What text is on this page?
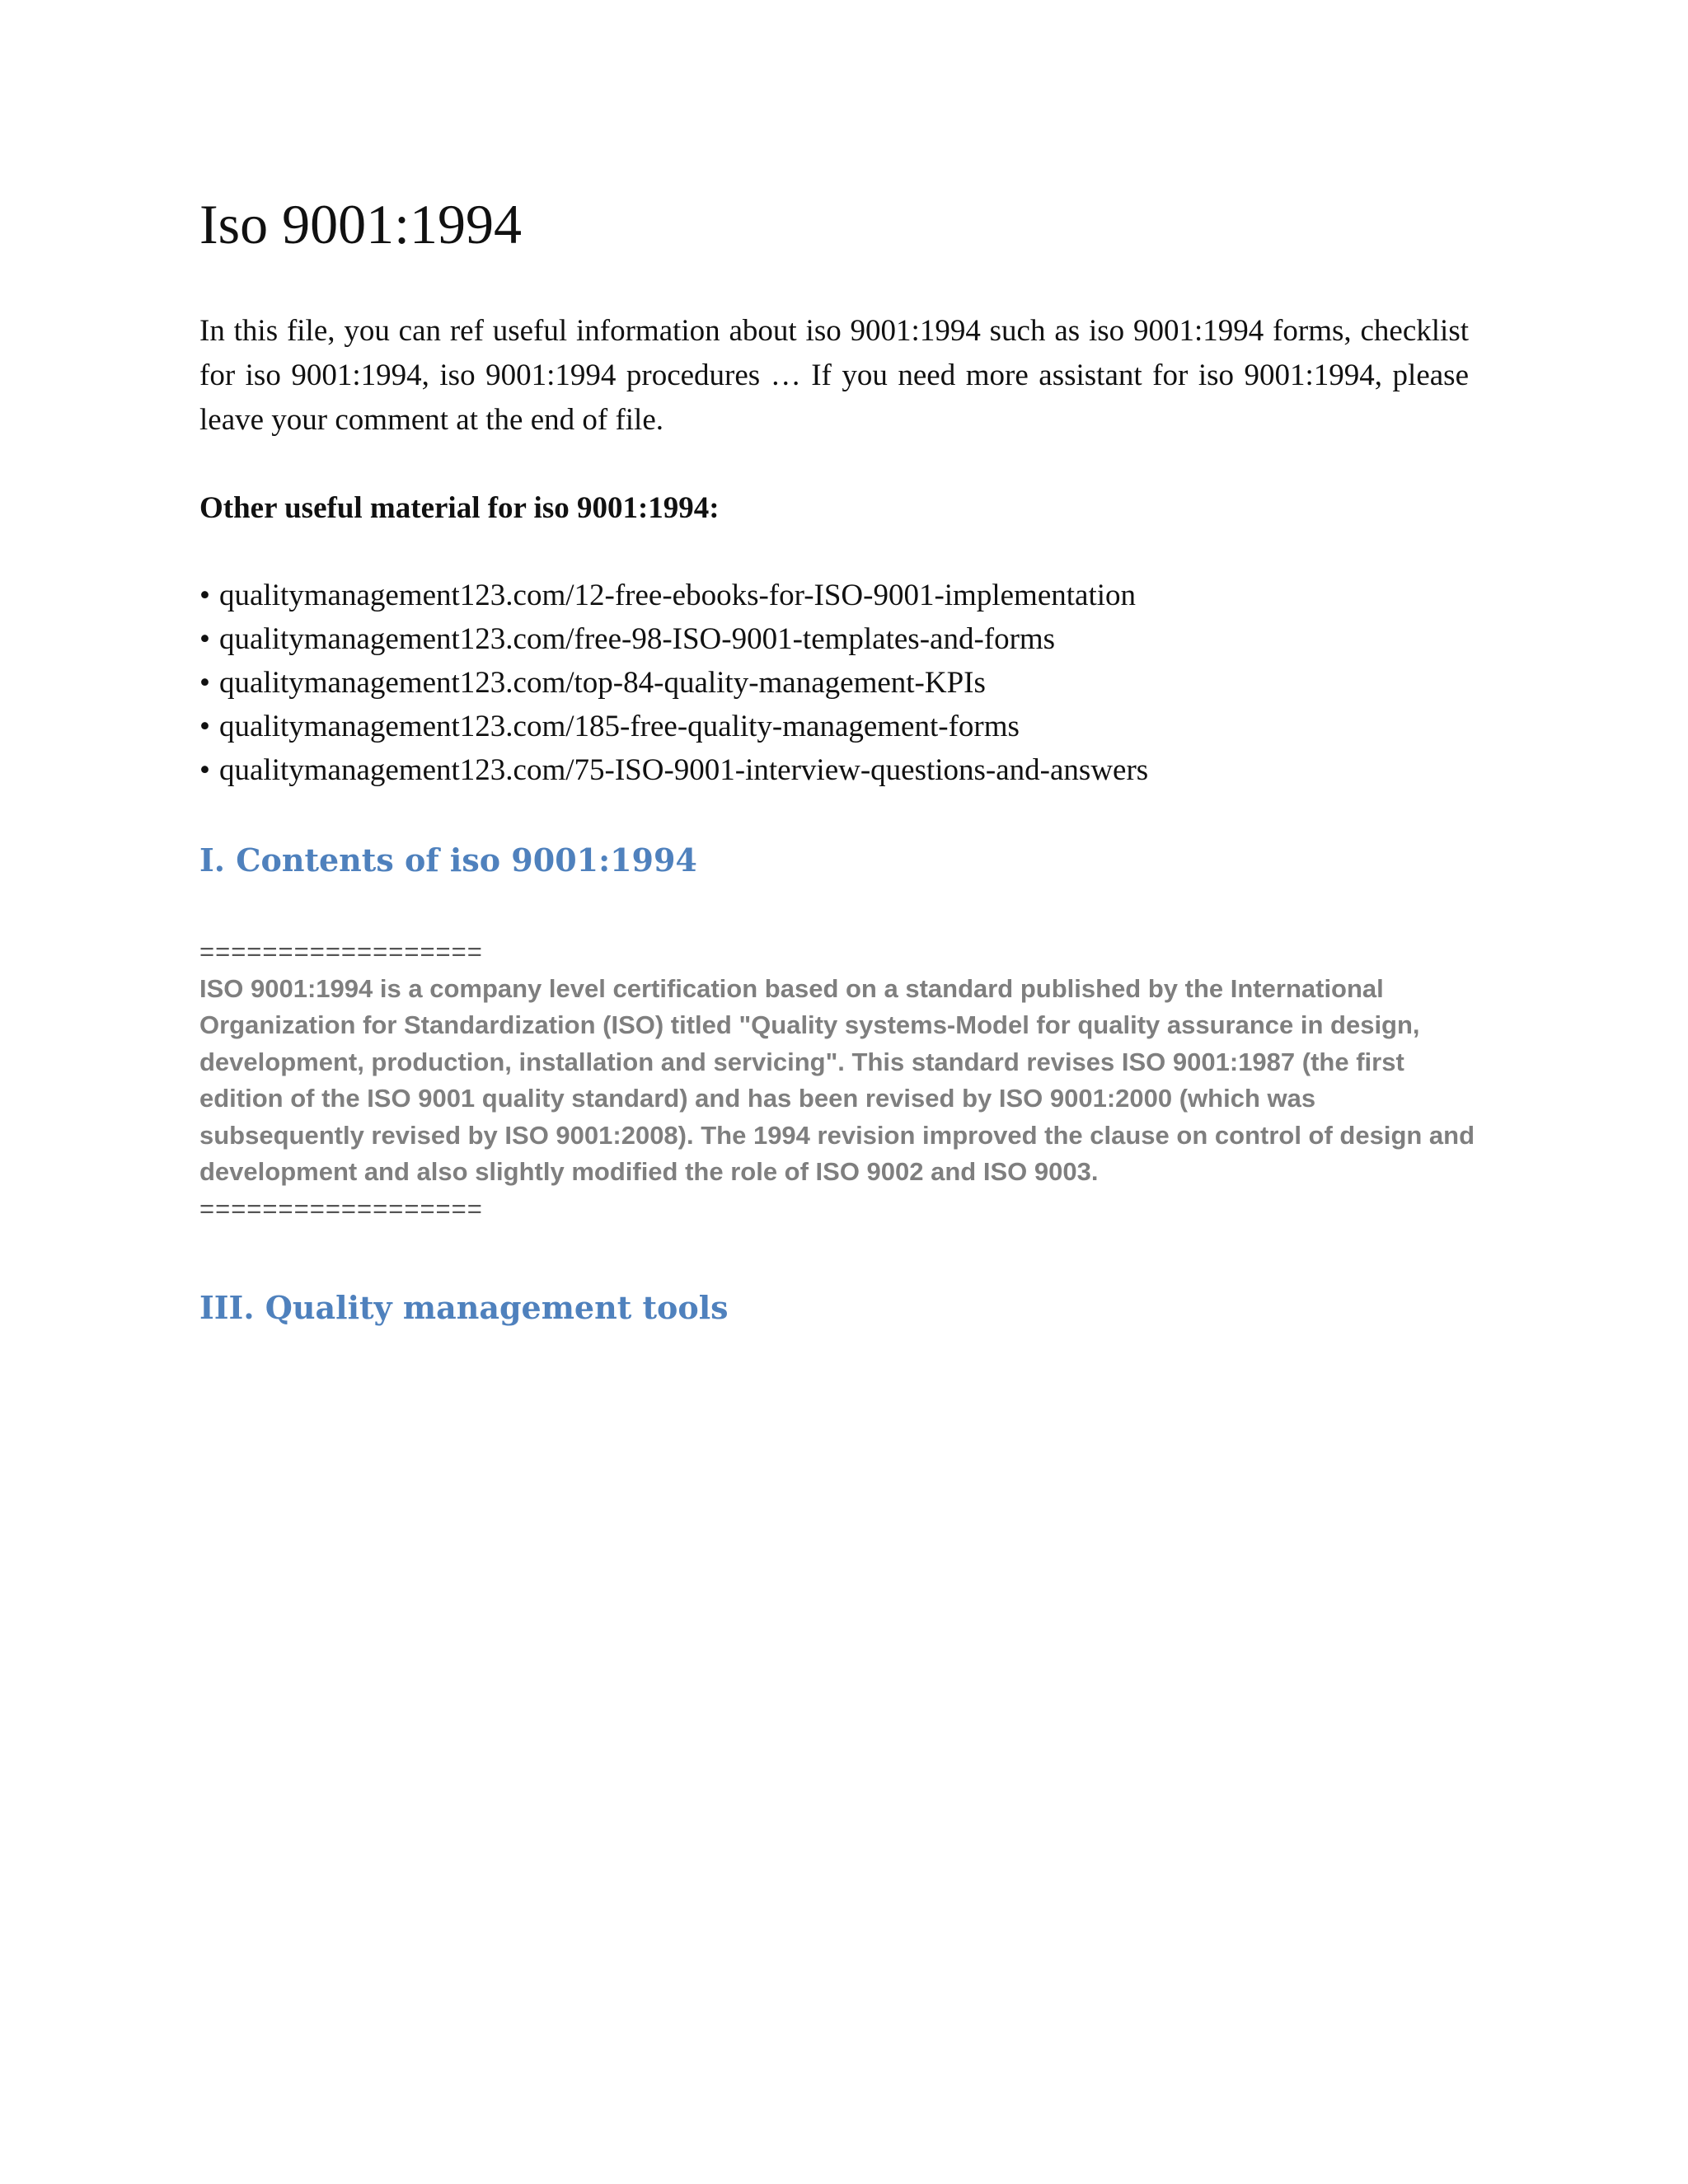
Iso 9001:1994

In this file, you can ref useful information about iso 9001:1994 such as iso 9001:1994 forms, checklist for iso 9001:1994, iso 9001:1994 procedures … If you need more assistant for iso 9001:1994, please leave your comment at the end of file.

Other useful material for iso 9001:1994:

• qualitymanagement123.com/12-free-ebooks-for-ISO-9001-implementation
• qualitymanagement123.com/free-98-ISO-9001-templates-and-forms
• qualitymanagement123.com/top-84-quality-management-KPIs
• qualitymanagement123.com/185-free-quality-management-forms
• qualitymanagement123.com/75-ISO-9001-interview-questions-and-answers
I. Contents of iso 9001:1994
==================

ISO 9001:1994 is a company level certification based on a standard published by the International Organization for Standardization (ISO) titled "Quality systems-Model for quality assurance in design, development, production, installation and servicing". This standard revises ISO 9001:1987 (the first edition of the ISO 9001 quality standard) and has been revised by ISO 9001:2000 (which was subsequently revised by ISO 9001:2008). The 1994 revision improved the clause on control of design and development and also slightly modified the role of ISO 9002 and ISO 9003.

==================
III. Quality management tools
